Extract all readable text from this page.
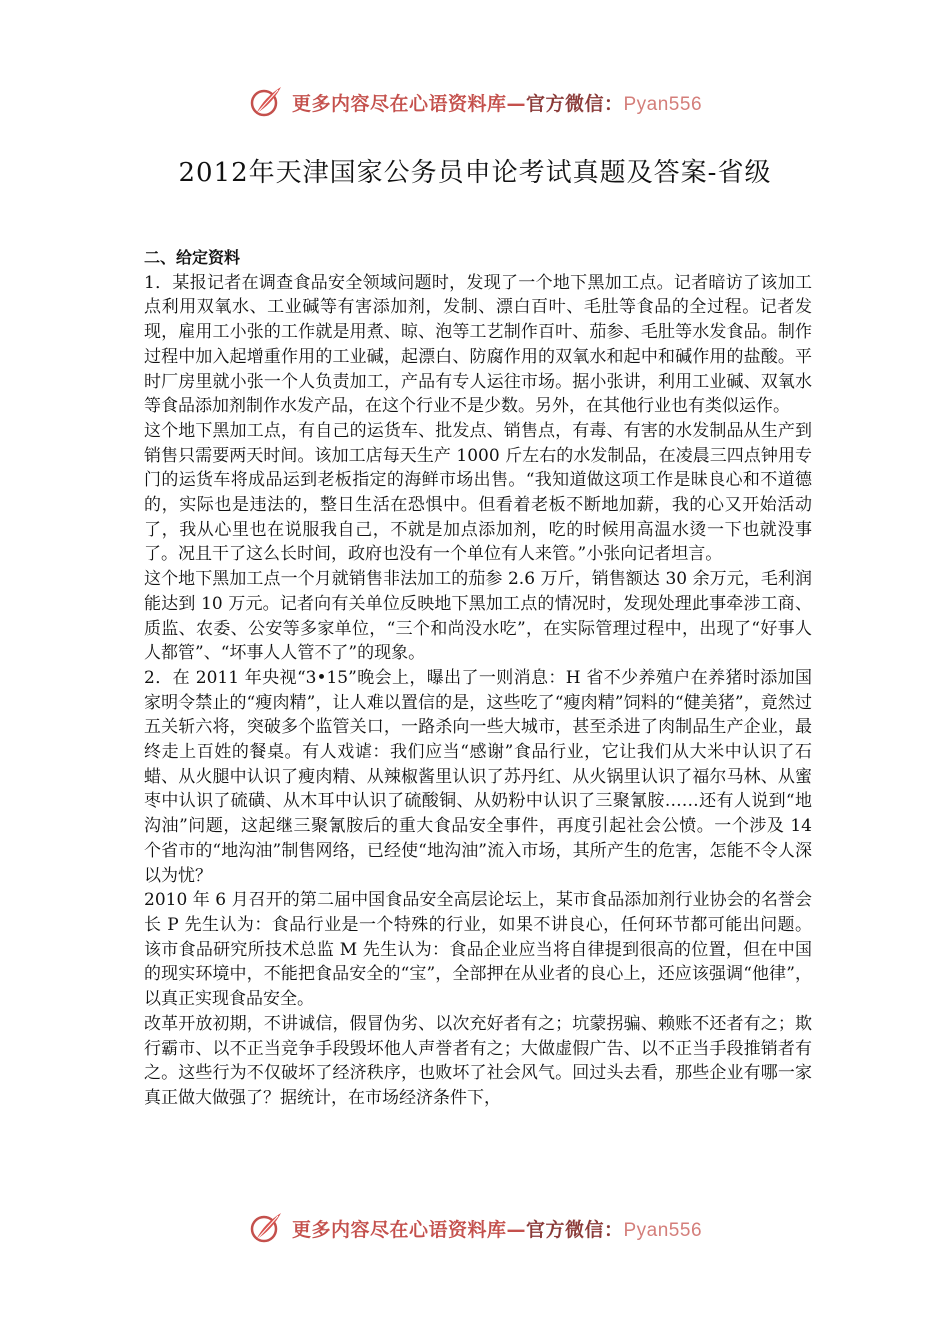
更多内容尽在心语资料库—官方微信：Pyan556
2012年天津国家公务员申论考试真题及答案-省级
二、给定资料

1．某报记者在调查食品安全领域问题时，发现了一个地下黑加工点。记者暗访了该加工点利用双氧水、工业碱等有害添加剂，发制、漂白百叶、毛肚等食品的全过程。记者发现，雇用工小张的工作就是用煮、晾、泡等工艺制作百叶、茄参、毛肚等水发食品。制作过程中加入起增重作用的工业碱，起漂白、防腐作用的双氧水和起中和碱作用的盐酸。平时厂房里就小张一个人负责加工，产品有专人运往市场。据小张讲，利用工业碱、双氧水等食品添加剂制作水发产品，在这个行业不是少数。另外，在其他行业也有类似运作。

这个地下黑加工点，有自己的运货车、批发点、销售点，有毒、有害的水发制品从生产到销售只需要两天时间。该加工店每天生产 1000 斤左右的水发制品，在凌晨三四点钟用专门的运货车将成品运到老板指定的海鲜市场出售。“我知道做这项工作是昧良心和不道德的，实际也是违法的，整日生活在恐惧中。但看着老板不断地加薪，我的心又开始活动了，我从心里也在说服我自己，不就是加点添加剂，吃的时候用高温水烫一下也就没事了。况且干了这么长时间，政府也没有一个单位有人来管。”小张向记者坦言。

这个地下黑加工点一个月就销售非法加工的茄参 2.6 万斤，销售额达 30 余万元，毛利润能达到 10 万元。记者向有关单位反映地下黑加工点的情况时，发现处理此事牵涉工商、质监、农委、公安等多家单位，“三个和尚没水吃”，在实际管理过程中，出现了“好事人人都管”、“坏事人人管不了”的现象。

2．在 2011 年央视“3•15”晚会上，曝出了一则消息：H 省不少养殖户在养猪时添加国家明令禁止的“瘦肉精”，让人难以置信的是，这些吃了“瘦肉精”饲料的“健美猪”，竟然过五关斩六将，突破多个监管关口，一路杀向一些大城市，甚至杀进了肉制品生产企业，最终走上百姓的餐桌。有人戏谑：我们应当“感谢”食品行业，它让我们从大米中认识了石蜡、从火腿中认识了瘦肉精、从辣椒酱里认识了苏丹红、从火锅里认识了福尔马林、从蜜枣中认识了硫磺、从木耳中认识了硫酸铜、从奶粉中认识了三聚氰胺……还有人说到“地沟油”问题，这起继三聚氰胺后的重大食品安全事件，再度引起社会公愤。一个涉及 14 个省市的“地沟油”制售网络，已经使“地沟油”流入市场，其所产生的危害，怎能不令人深以为忧？

2010 年 6 月召开的第二届中国食品安全高层论坛上，某市食品添加剂行业协会的名誉会长 P 先生认为：食品行业是一个特殊的行业，如果不讲良心，任何环节都可能出问题。该市食品研究所技术总监 M 先生认为：食品企业应当将自律提到很高的位置，但在中国的现实环境中，不能把食品安全的“宝”，全部押在从业者的良心上，还应该强调“他律”，以真正实现食品安全。

改革开放初期，不讲诚信，假冒伪劣、以次充好者有之；坑蒙拐骗、赖账不还者有之；欺行霸市、以不正当竞争手段毁坏他人声誉者有之；大做虚假广告、以不正当手段推销者有之。这些行为不仅破坏了经济秩序，也败坏了社会风气。回过头去看，那些企业有哪一家真正做大做强了？据统计，在市场经济条件下，

更多内容尽在心语资料库—官方微信：Pyan556
